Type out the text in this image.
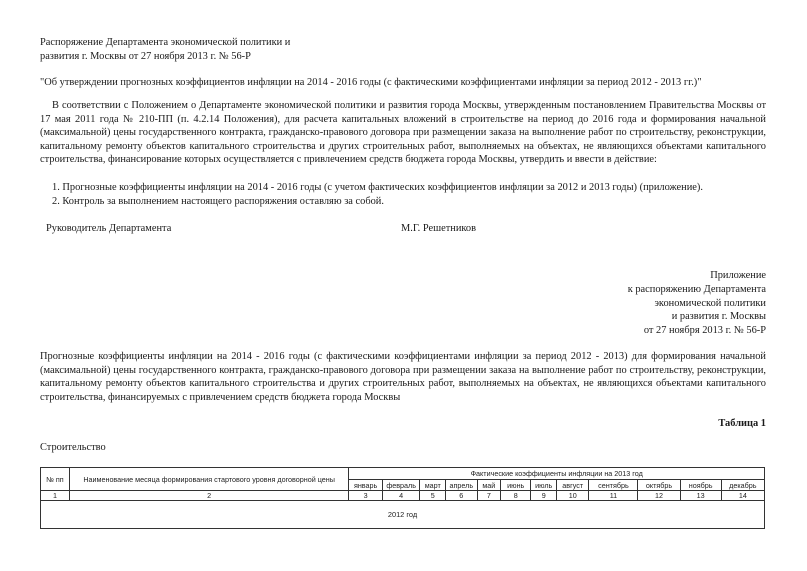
Распоряжение Департамента экономической политики и
развития г. Москвы от 27 ноября 2013 г. № 56-Р
"Об утверждении прогнозных коэффициентов инфляции на 2014 - 2016 годы (с фактическими коэффициентами инфляции за период 2012 - 2013 гг.)"
В соответствии с Положением о Департаменте экономической политики и развития города Москвы, утвержденным постановлением Правительства Москвы от 17 мая 2011 года № 210-ПП (п. 4.2.14 Положения), для расчета капитальных вложений в строительстве на период до 2016 года и формирования начальной (максимальной) цены государственного контракта, гражданско-правового договора при размещении заказа на выполнение работ по строительству, реконструкции, капитальному ремонту объектов капитального строительства и других строительных работ, выполняемых на объектах, не являющихся объектами капитального строительства, финансирование которых осуществляется с привлечением средств бюджета города Москвы, утвердить и ввести в действие:
1. Прогнозные коэффициенты инфляции на 2014 - 2016 годы (с учетом фактических коэффициентов инфляции за 2012 и 2013 годы) (приложение).
2. Контроль за выполнением настоящего распоряжения оставляю за собой.
Руководитель Департамента	М.Г. Решетников
Приложение
к распоряжению Департамента
экономической политики
и развития г. Москвы
от 27 ноября 2013 г. № 56-Р
Прогнозные коэффициенты инфляции на 2014 - 2016 годы (с фактическими коэффициентами инфляции за период 2012 - 2013) для формирования начальной (максимальной) цены государственного контракта, гражданско-правового договора при размещении заказа на выполнение работ по строительству, реконструкции, капитальному ремонту объектов капитального строительства и других строительных работ, выполняемых на объектах, не являющихся объектами капитального строительства, финансируемых с привлечением средств бюджета города Москвы
Таблица 1
Строительство
№ пп	Наименование месяца формирования стартового уровня договорной цены	Фактические коэффициенты инфляции на 2013 год											
		январь	февраль	март	апрель	май	июнь	июль	август	сентябрь	октябрь	ноябрь	декабрь
1	2	3	4	5	6	7	8	9	10	11	12	13	14
2012 год													
